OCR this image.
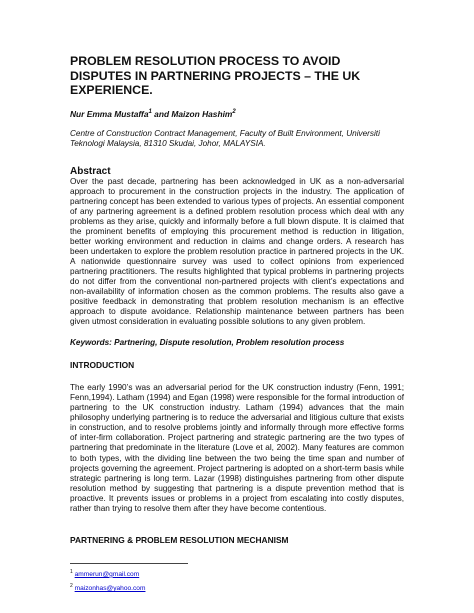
PROBLEM RESOLUTION PROCESS TO AVOID DISPUTES IN PARTNERING PROJECTS – THE UK EXPERIENCE.
Nur Emma Mustaffa$^1$ and Maizon Hashim$^2$
Centre of Construction Contract Management, Faculty of Built Environment, Universiti Teknologi Malaysia, 81310 Skudai, Johor, MALAYSIA.
Abstract

Over the past decade, partnering has been acknowledged in UK as a non-adversarial approach to procurement in the construction projects in the industry. The application of partnering concept has been extended to various types of projects. An essential component of any partnering agreement is a defined problem resolution process which deal with any problems as they arise, quickly and informally before a full blown dispute. It is claimed that the prominent benefits of employing this procurement method is reduction in litigation, better working environment and reduction in claims and change orders. A research has been undertaken to explore the problem resolution practice in partnered projects in the UK. A nationwide questionnaire survey was used to collect opinions from experienced partnering practitioners. The results highlighted that typical problems in partnering projects do not differ from the conventional non-partnered projects with client’s expectations and non-availability of information chosen as the common problems. The results also gave a positive feedback in demonstrating that problem resolution mechanism is an effective approach to dispute avoidance. Relationship maintenance between partners has been given utmost consideration in evaluating possible solutions to any given problem.

Keywords: Partnering, Dispute resolution, Problem resolution process
INTRODUCTION

The early 1990’s was an adversarial period for the UK construction industry (Fenn, 1991; Fenn,1994). Latham (1994) and Egan (1998) were responsible for the formal introduction of partnering to the UK construction industry. Latham (1994) advances that the main philosophy underlying partnering is to reduce the adversarial and litigious culture that exists in construction, and to resolve problems jointly and informally through more effective forms of inter-firm collaboration. Project partnering and strategic partnering are the two types of partnering that predominate in the literature (Love et al, 2002). Many features are common to both types, with the dividing line between the two being the time span and number of projects governing the agreement. Project partnering is adopted on a short-term basis while strategic partnering is long term. Lazar (1998) distinguishes partnering from other dispute resolution method by suggesting that partnering is a dispute prevention method that is proactive. It prevents issues or problems in a project from escalating into costly disputes, rather than trying to resolve them after they have become contentious.

PARTNERING & PROBLEM RESOLUTION MECHANISM
$^1$ ammerun@gmail.com
$^2$ maizonhas@yahoo.com
